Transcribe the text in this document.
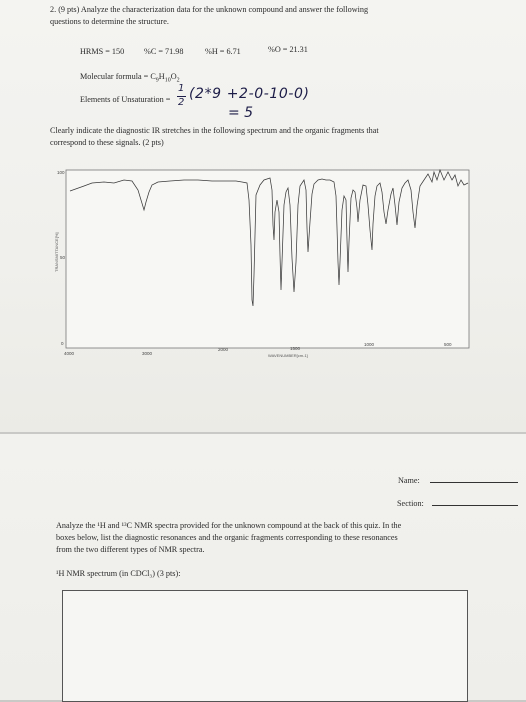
2. (9 pts) Analyze the characterization data for the unknown compound and answer the following
questions to determine the structure.
HRMS = 150 %C = 71.98	%H = 6.71	%O = 21.31
Molecular formula = $C_9H_{10}O_2$
Elements of Unsaturation =
1
2
(2*9 +2-0-10-0)
= 5
Clearly indicate the diagnostic IR stretches in the following spectrum and the organic fragments that
correspond to these signals. (2 pts)
100
50
0
TRANSMITTANCE[%]
4000	3000
2000	1500
1000	500
WAVENUMBER[cm-1]
Name:
Section:
Analyze the ¹H and ¹³C NMR spectra provided for the unknown compound at the back of this quiz. In the
boxes below, list the diagnostic resonances and the organic fragments corresponding to these resonances
from the two different types of NMR spectra.
¹H NMR spectrum (in CDCl₃) (3 pts):
